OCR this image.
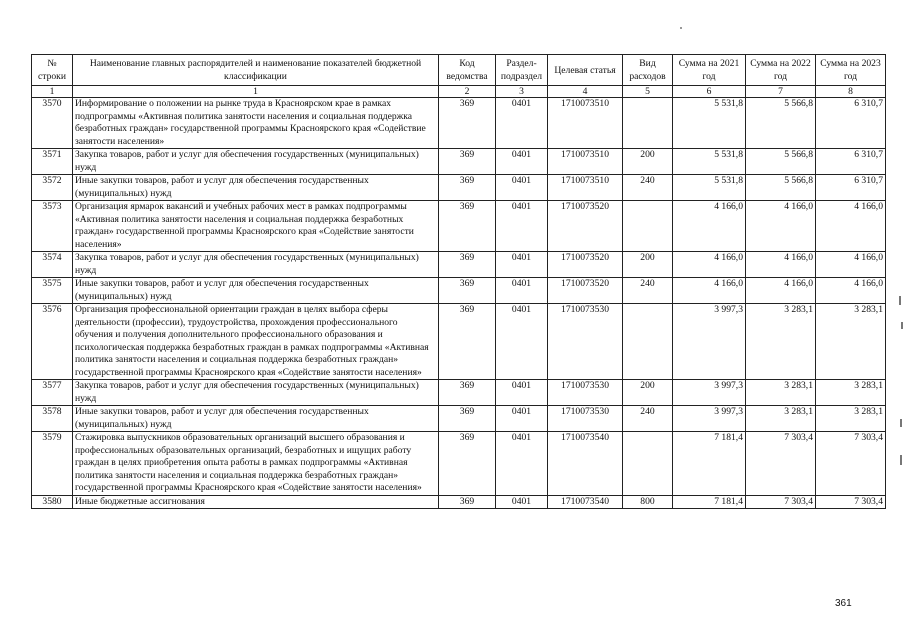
№ строки	Наименование главных распорядителей и наименование показателей бюджетной классификации	Код ведомства	Раздел-подраздел	Целевая статья	Вид расходов	Сумма на 2021 год	Сумма на 2022 год	Сумма на 2023 год
1	1	2	3	4	5	6	7	8
3570	Информирование о положении на рынке труда в Красноярском крае в рамках подпрограммы «Активная политика занятости населения и социальная поддержка безработных граждан» государственной программы Красноярского края «Содействие занятости населения»	369	0401	1710073510		5 531,8	5 566,8	6 310,7
3571	Закупка товаров, работ и услуг для обеспечения государственных (муниципальных) нужд	369	0401	1710073510	200	5 531,8	5 566,8	6 310,7
3572	Иные закупки товаров, работ и услуг для обеспечения государственных (муниципальных) нужд	369	0401	1710073510	240	5 531,8	5 566,8	6 310,7
3573	Организация ярмарок вакансий и учебных рабочих мест в рамках подпрограммы «Активная политика занятости населения и социальная поддержка безработных граждан» государственной программы Красноярского края «Содействие занятости населения»	369	0401	1710073520		4 166,0	4 166,0	4 166,0
3574	Закупка товаров, работ и услуг для обеспечения государственных (муниципальных) нужд	369	0401	1710073520	200	4 166,0	4 166,0	4 166,0
3575	Иные закупки товаров, работ и услуг для обеспечения государственных (муниципальных) нужд	369	0401	1710073520	240	4 166,0	4 166,0	4 166,0
3576	Организация профессиональной ориентации граждан в целях выбора сферы деятельности (профессии), трудоустройства, прохождения профессионального обучения и получения дополнительного профессионального образования и психологическая поддержка безработных граждан в рамках подпрограммы «Активная политика занятости населения и социальная поддержка безработных граждан» государственной программы Красноярского края «Содействие занятости населения»	369	0401	1710073530		3 997,3	3 283,1	3 283,1
3577	Закупка товаров, работ и услуг для обеспечения государственных (муниципальных) нужд	369	0401	1710073530	200	3 997,3	3 283,1	3 283,1
3578	Иные закупки товаров, работ и услуг для обеспечения государственных (муниципальных) нужд	369	0401	1710073530	240	3 997,3	3 283,1	3 283,1
3579	Стажировка выпускников образовательных организаций высшего образования и профессиональных образовательных организаций, безработных и ищущих работу граждан в целях приобретения опыта работы в рамках подпрограммы «Активная политика занятости населения и социальная поддержка безработных граждан» государственной программы Красноярского края «Содействие занятости населения»	369	0401	1710073540		7 181,4	7 303,4	7 303,4
3580	Иные бюджетные ассигнования	369	0401	1710073540	800	7 181,4	7 303,4	7 303,4
361
